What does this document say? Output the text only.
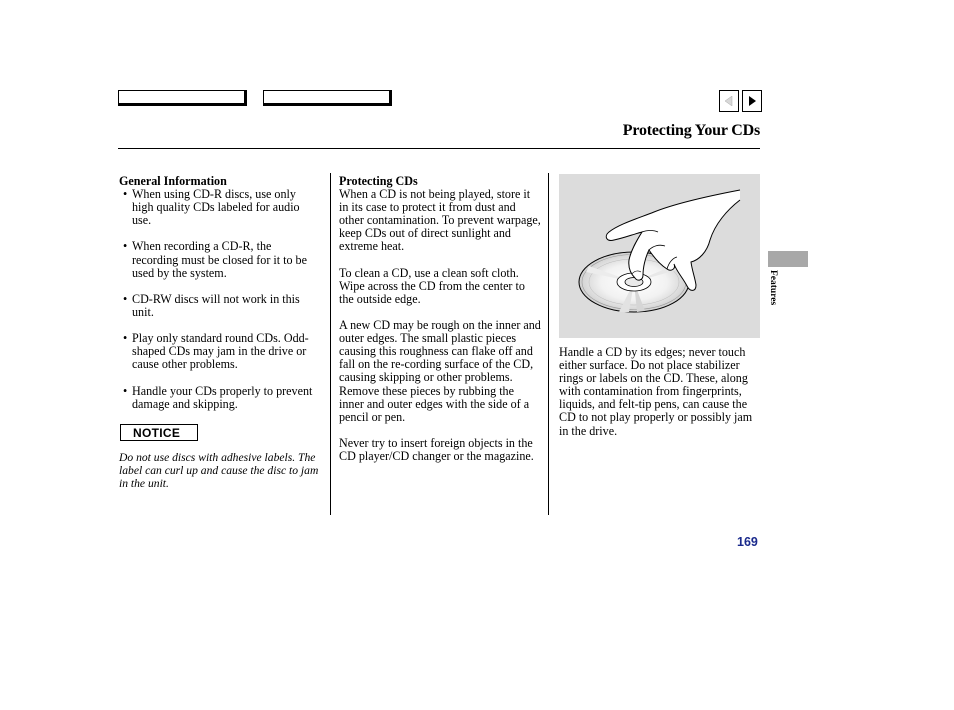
Protecting Your CDs

General Information

• When using CD-R discs, use only high quality CDs labeled for audio use.
• When recording a CD-R, the recording must be closed for it to be used by the system.
• CD-RW discs will not work in this unit.
• Play only standard round CDs. Odd-shaped CDs may jam in the drive or cause other problems.
• Handle your CDs properly to prevent damage and skipping.
NOTICE
Do not use discs with adhesive labels. The label can curl up and cause the disc to jam in the unit.

Protecting CDs

When a CD is not being played, store it in its case to protect it from dust and other contamination. To prevent warpage, keep CDs out of direct sunlight and extreme heat.

To clean a CD, use a clean soft cloth. Wipe across the CD from the center to the outside edge.

A new CD may be rough on the inner and outer edges. The small plastic pieces causing this roughness can flake off and fall on the re-cording surface of the CD, causing skipping or other problems. Remove these pieces by rubbing the inner and outer edges with the side of a pencil or pen.

Never try to insert foreign objects in the CD player/CD changer or the magazine.

Handle a CD by its edges; never touch either surface. Do not place stabilizer rings or labels on the CD. These, along with contamination from fingerprints, liquids, and felt-tip pens, can cause the CD to not play properly or possibly jam in the drive.
Features
169
